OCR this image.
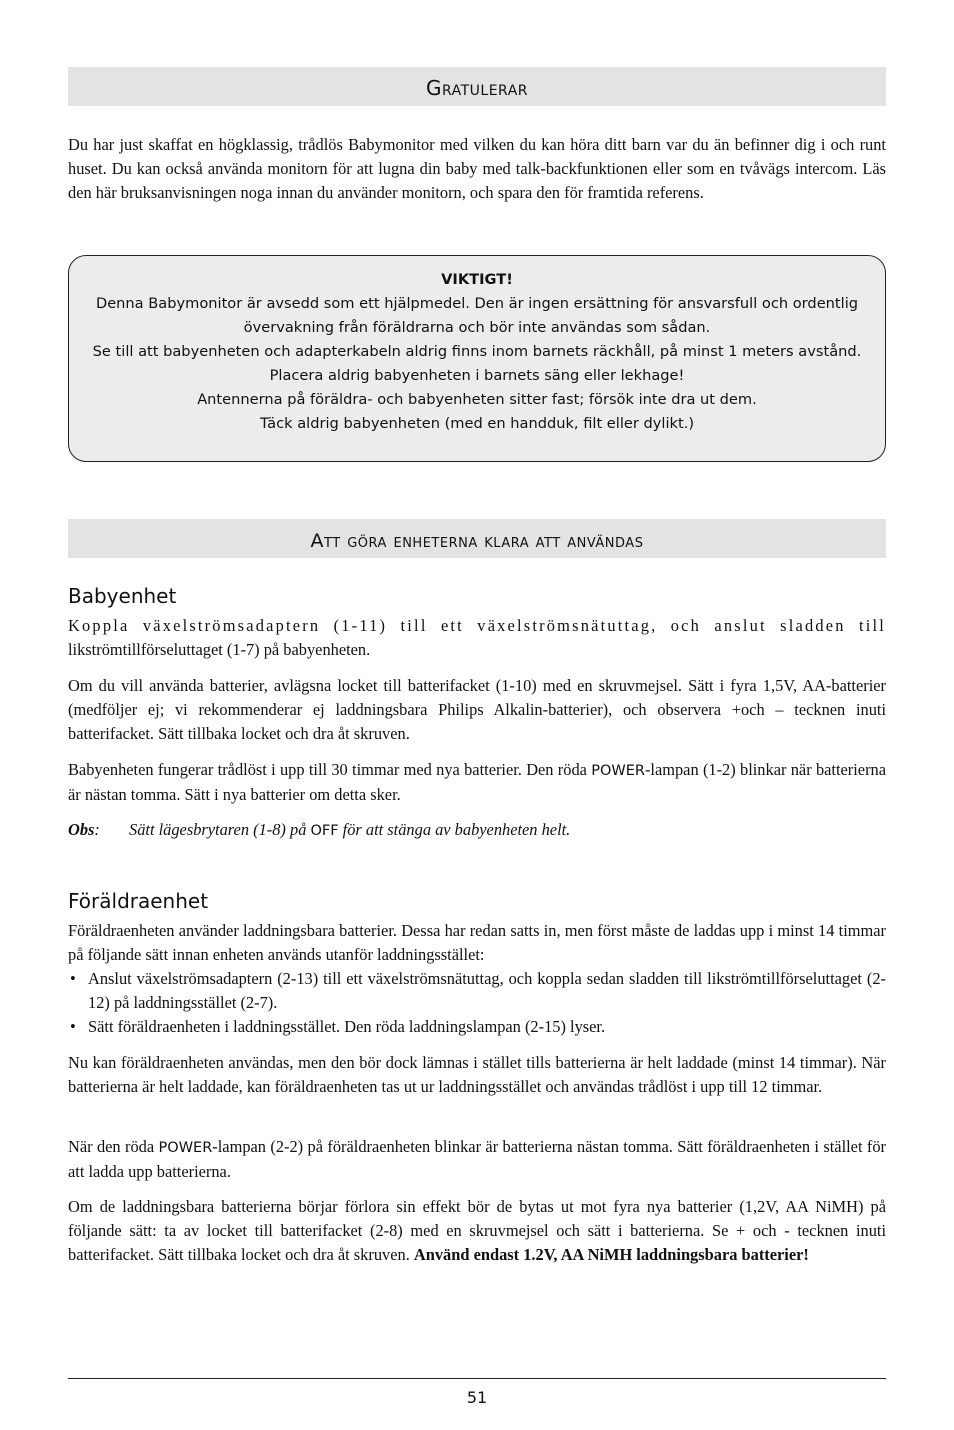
Gratulerar

Du har just skaffat en högklassig, trådlös Babymonitor med vilken du kan höra ditt barn var du än befinner dig i och runt huset. Du kan också använda monitorn för att lugna din baby med talk-backfunktionen eller som en tvåvägs intercom. Läs den här bruksanvisningen noga innan du använder monitorn, och spara den för framtida referens.

VIKTIGT!
Denna Babymonitor är avsedd som ett hjälpmedel. Den är ingen ersättning för ansvarsfull och ordentlig
övervakning från föräldrarna och bör inte användas som sådan.
Se till att babyenheten och adapterkabeln aldrig finns inom barnets räckhåll, på minst 1 meters avstånd.
Placera aldrig babyenheten i barnets säng eller lekhage!
Antennerna på föräldra- och babyenheten sitter fast; försök inte dra ut dem.
Täck aldrig babyenheten (med en handduk, filt eller dylikt.)
Att göra enheterna klara att användas
Babyenhet

Koppla växelströmsadaptern (1-11) till ett växelströmsnätuttag, och anslut sladden till
likströmtillförseluttaget (1-7) på babyenheten.

Om du vill använda batterier, avlägsna locket till batterifacket (1-10) med en skruvmejsel. Sätt i fyra 1,5V, AA-batterier (medföljer ej; vi rekommenderar ej laddningsbara Philips Alkalin-batterier), och observera +och – tecknen inuti batterifacket. Sätt tillbaka locket och dra åt skruven.

Babyenheten fungerar trådlöst i upp till 30 timmar med nya batterier. Den röda POWER-lampan (1-2) blinkar när batterierna är nästan tomma. Sätt i nya batterier om detta sker.

Obs: Sätt lägesbrytaren (1-8) på OFF för att stänga av babyenheten helt.
Föräldraenhet

Föräldraenheten använder laddningsbara batterier. Dessa har redan satts in, men först måste de laddas upp i minst 14 timmar på följande sätt innan enheten används utanför laddningsstället:

• Anslut växelströmsadaptern (2-13) till ett växelströmsnätuttag, och koppla sedan sladden till likströmtillförseluttaget (2-12) på laddningsstället (2-7).
• Sätt föräldraenheten i laddningsstället. Den röda laddningslampan (2-15) lyser.

Nu kan föräldraenheten användas, men den bör dock lämnas i stället tills batterierna är helt laddade (minst 14 timmar). När batterierna är helt laddade, kan föräldraenheten tas ut ur laddningsstället och användas trådlöst i upp till 12 timmar.

När den röda POWER-lampan (2-2) på föräldraenheten blinkar är batterierna nästan tomma. Sätt föräldraenheten i stället för att ladda upp batterierna.

Om de laddningsbara batterierna börjar förlora sin effekt bör de bytas ut mot fyra nya batterier (1,2V, AA NiMH) på följande sätt: ta av locket till batterifacket (2-8) med en skruvmejsel och sätt i batterierna. Se + och - tecknen inuti batterifacket. Sätt tillbaka locket och dra åt skruven. Använd endast 1.2V, AA NiMH laddningsbara batterier!

51
